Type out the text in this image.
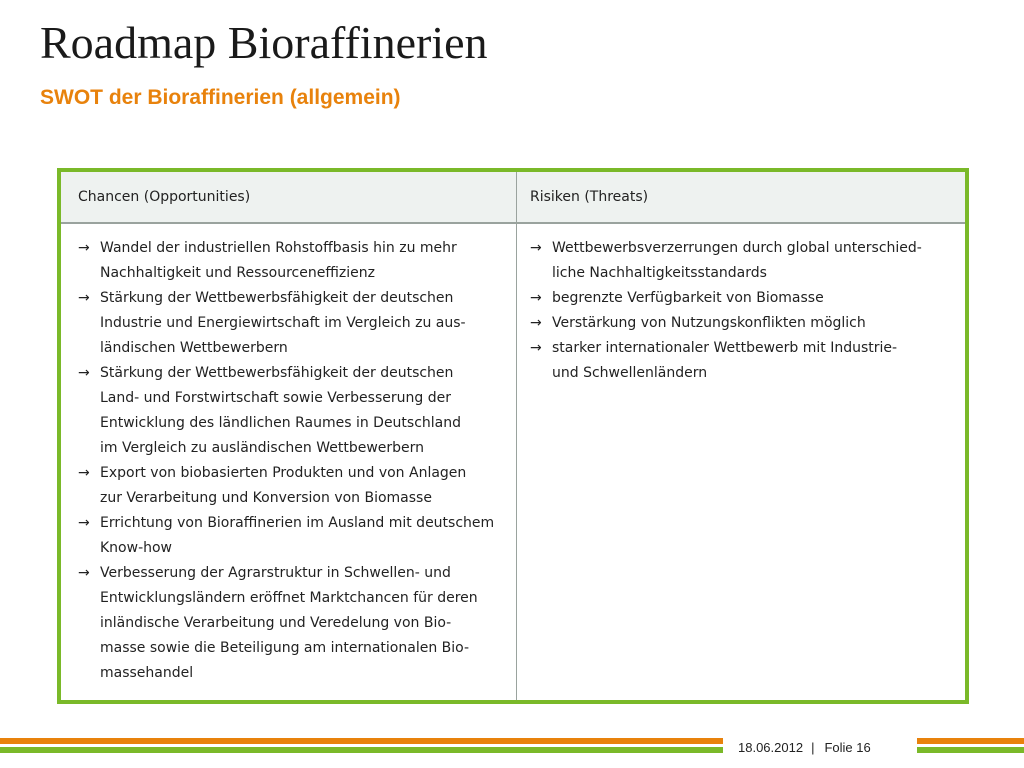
Roadmap Bioraffinerien
SWOT der Bioraffinerien (allgemein)
Chancen (Opportunities)	Risiken (Threats)
→ Wandel der industriellen Rohstoffbasis hin zu mehr
Nachhaltigkeit und Ressourceneffizienz
→ Stärkung der Wettbewerbsfähigkeit der deutschen
Industrie und Energiewirtschaft im Vergleich zu aus-
ländischen Wettbewerbern
→ Stärkung der Wettbewerbsfähigkeit der deutschen
Land- und Forstwirtschaft sowie Verbesserung der
Entwicklung des ländlichen Raumes in Deutschland
im Vergleich zu ausländischen Wettbewerbern
→ Export von biobasierten Produkten und von Anlagen
zur Verarbeitung und Konversion von Biomasse
→ Errichtung von Bioraffinerien im Ausland mit deutschem
Know-how
→ Verbesserung der Agrarstruktur in Schwellen- und
Entwicklungsländern eröffnet Marktchancen für deren
inländische Verarbeitung und Veredelung von Bio-
masse sowie die Beteiligung am internationalen Bio-
massehandel
→ Wettbewerbsverzerrungen durch global unterschied-
liche Nachhaltigkeitsstandards
→ begrenzte Verfügbarkeit von Biomasse
→ Verstärkung von Nutzungskonflikten möglich
→ starker internationaler Wettbewerb mit Industrie-
und Schwellenländern
18.06.2012 | Folie 16
